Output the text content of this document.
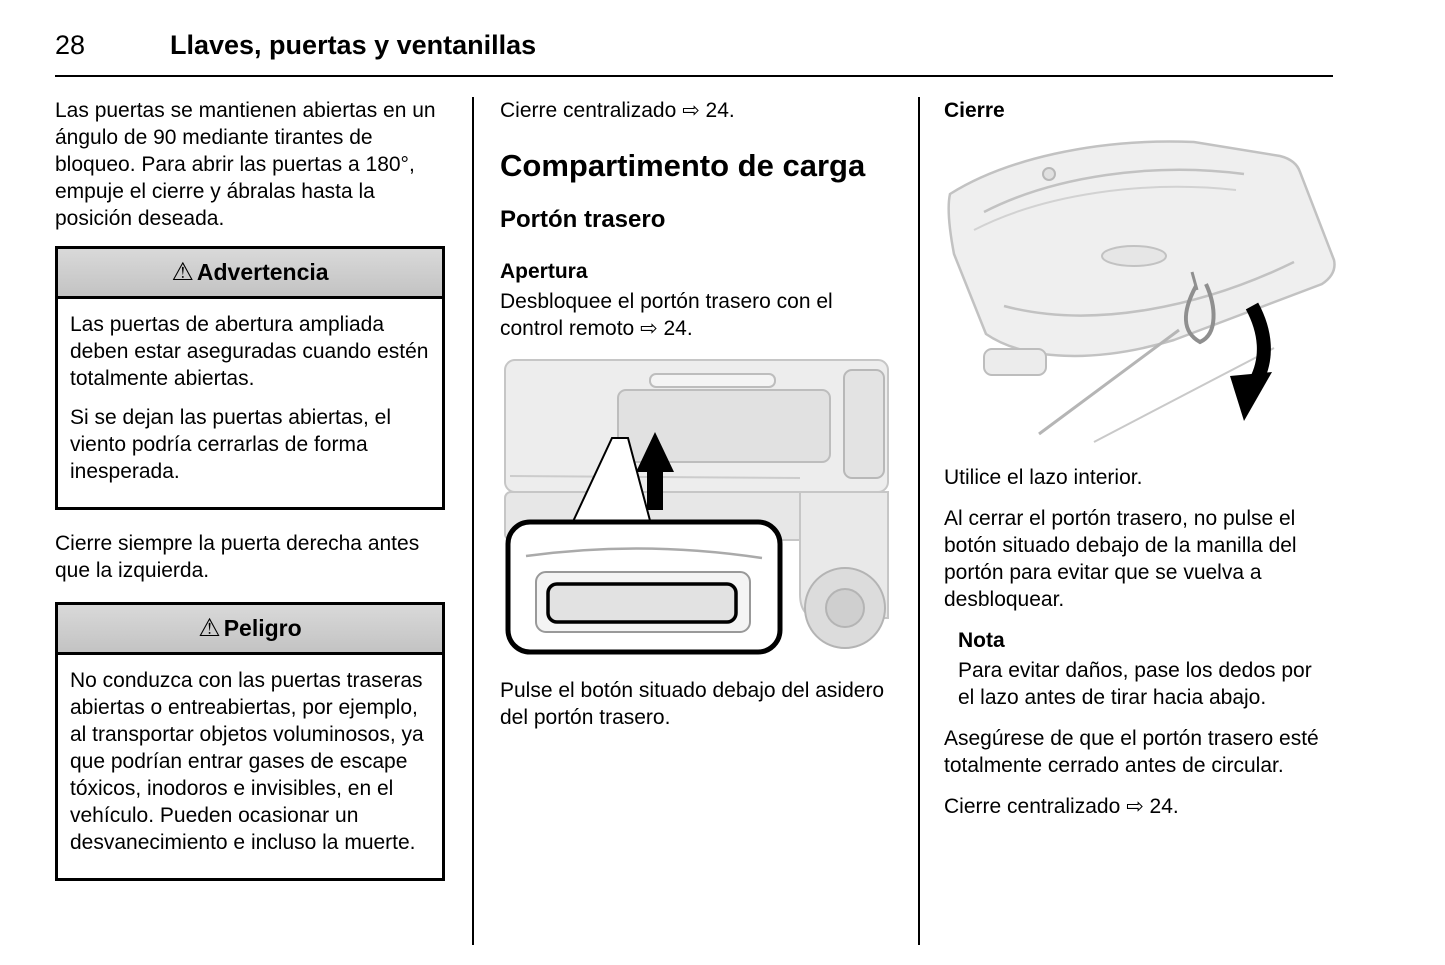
28	Llaves, puertas y ventanillas

Las puertas se mantienen abiertas en un ángulo de 90 mediante tirantes de bloqueo. Para abrir las puertas a 180°, empuje el cierre y ábralas hasta la posición deseada.

⚠ Advertencia

Las puertas de abertura ampliada deben estar aseguradas cuando estén totalmente abiertas.

Si se dejan las puertas abiertas, el viento podría cerrarlas de forma inesperada.

Cierre siempre la puerta derecha antes que la izquierda.

⚠ Peligro

No conduzca con las puertas traseras abiertas o entreabiertas, por ejemplo, al transportar objetos voluminosos, ya que podrían entrar gases de escape tóxicos, inodoros e invisibles, en el vehículo. Pueden ocasionar un desvanecimiento e incluso la muerte.

Cierre centralizado ⇨ 24.

Compartimento de carga
Portón trasero
Apertura

Desbloquee el portón trasero con el control remoto ⇨ 24.

Pulse el botón situado debajo del asidero del portón trasero.

Cierre

Utilice el lazo interior.

Al cerrar el portón trasero, no pulse el botón situado debajo de la manilla del portón para evitar que se vuelva a desbloquear.

Nota

Para evitar daños, pase los dedos por el lazo antes de tirar hacia abajo.

Asegúrese de que el portón trasero esté totalmente cerrado antes de circular.

Cierre centralizado ⇨ 24.
